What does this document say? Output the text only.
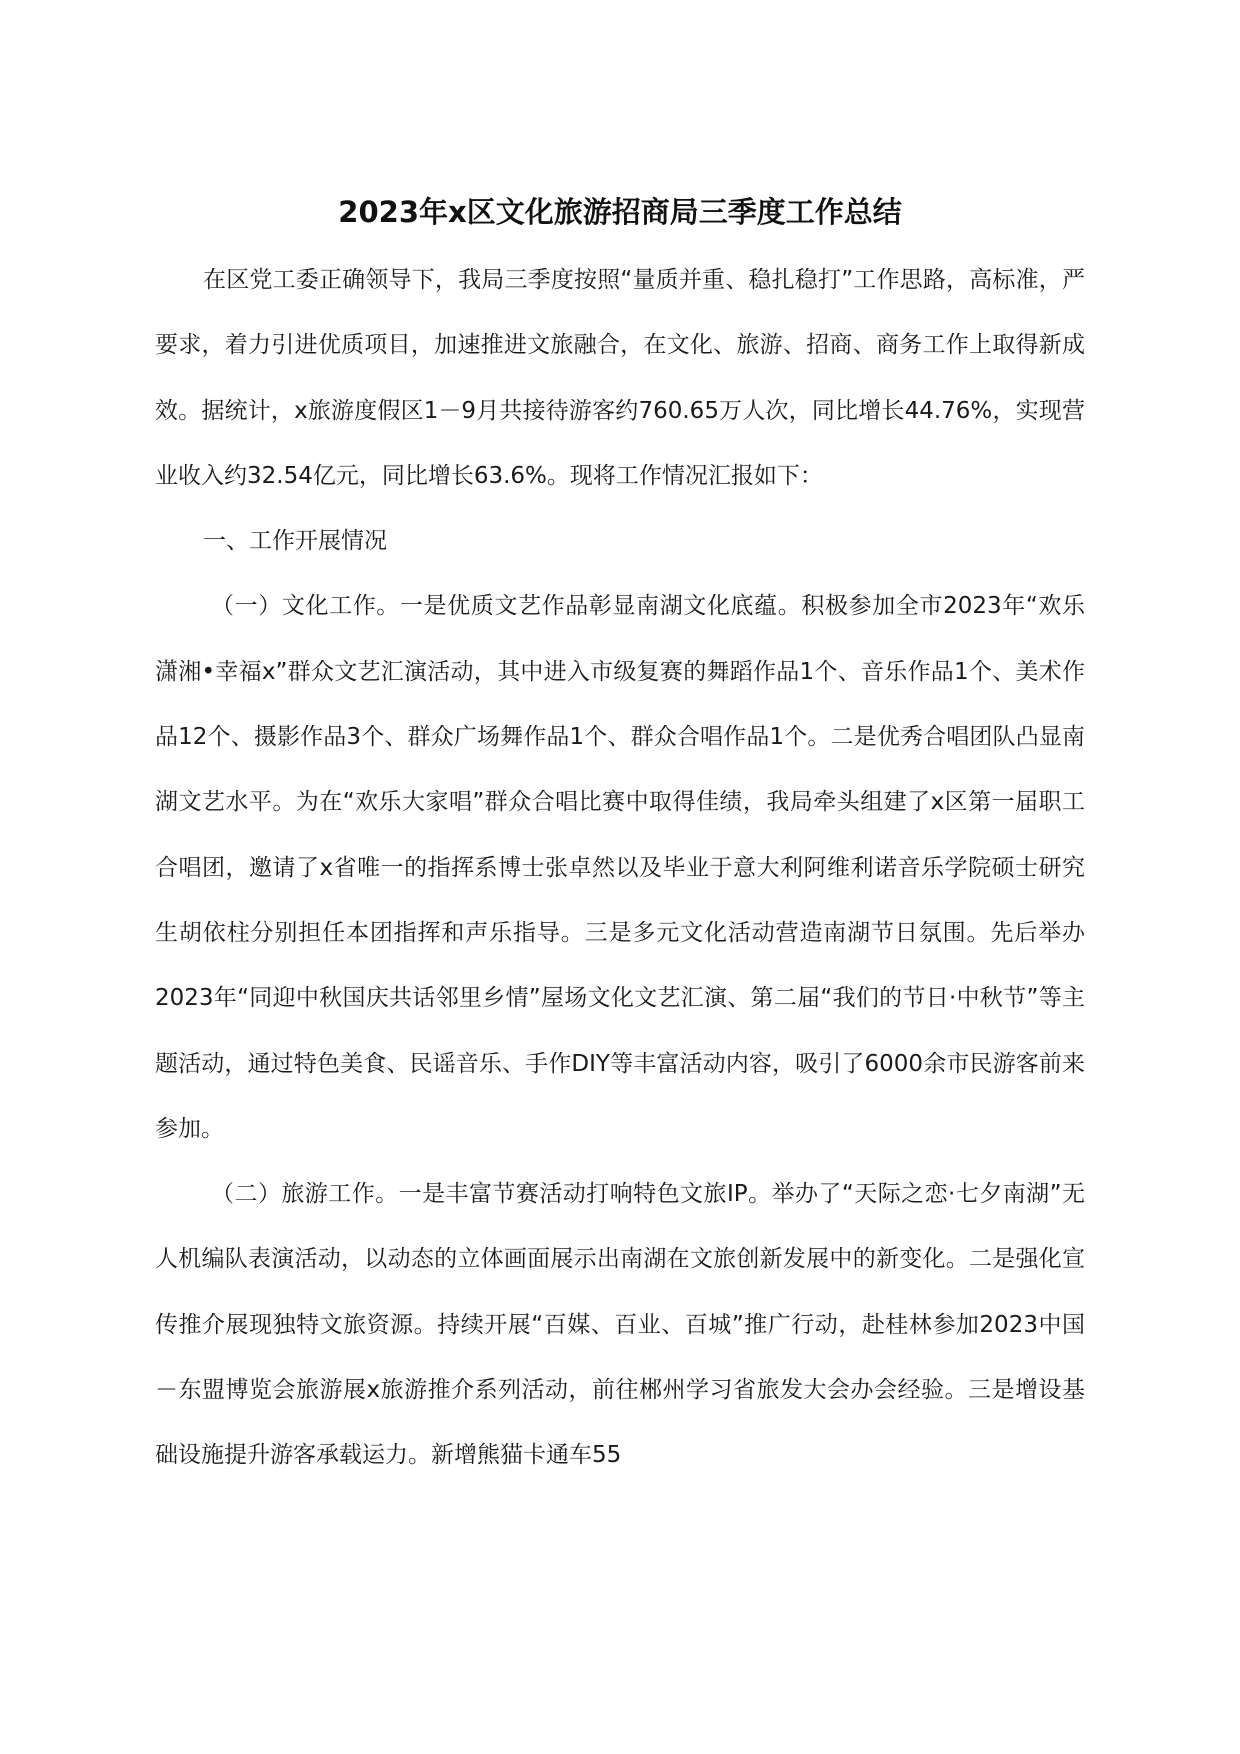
2023年x区文化旅游招商局三季度工作总结

在区党工委正确领导下，我局三季度按照“量质并重、稳扎稳打”工作思路，高标准，严要求，着力引进优质项目，加速推进文旅融合，在文化、旅游、招商、商务工作上取得新成效。据统计，x旅游度假区1－9月共接待游客约760.65万人次，同比增长44.76%，实现营业收入约32.54亿元，同比增长63.6%。现将工作情况汇报如下：

一、工作开展情况

（一）文化工作。一是优质文艺作品彰显南湖文化底蕴。积极参加全市2023年“欢乐潇湘•幸福x”群众文艺汇演活动，其中进入市级复赛的舞蹈作品1个、音乐作品1个、美术作品12个、摄影作品3个、群众广场舞作品1个、群众合唱作品1个。二是优秀合唱团队凸显南湖文艺水平。为在“欢乐大家唱”群众合唱比赛中取得佳绩，我局牵头组建了x区第一届职工合唱团，邀请了x省唯一的指挥系博士张卓然以及毕业于意大利阿维利诺音乐学院硕士研究生胡依柱分别担任本团指挥和声乐指导。三是多元文化活动营造南湖节日氛围。先后举办2023年“同迎中秋国庆共话邻里乡情”屋场文化文艺汇演、第二届“我们的节日·中秋节”等主题活动，通过特色美食、民谣音乐、手作DIY等丰富活动内容，吸引了6000余市民游客前来参加。

（二）旅游工作。一是丰富节赛活动打响特色文旅IP。举办了“天际之恋·七夕南湖”无人机编队表演活动，以动态的立体画面展示出南湖在文旅创新发展中的新变化。二是强化宣传推介展现独特文旅资源。持续开展“百媒、百业、百城”推广行动，赴桂林参加2023中国－东盟博览会旅游展x旅游推介系列活动，前往郴州学习省旅发大会办会经验。三是增设基础设施提升游客承载运力。新增熊猫卡通车55
